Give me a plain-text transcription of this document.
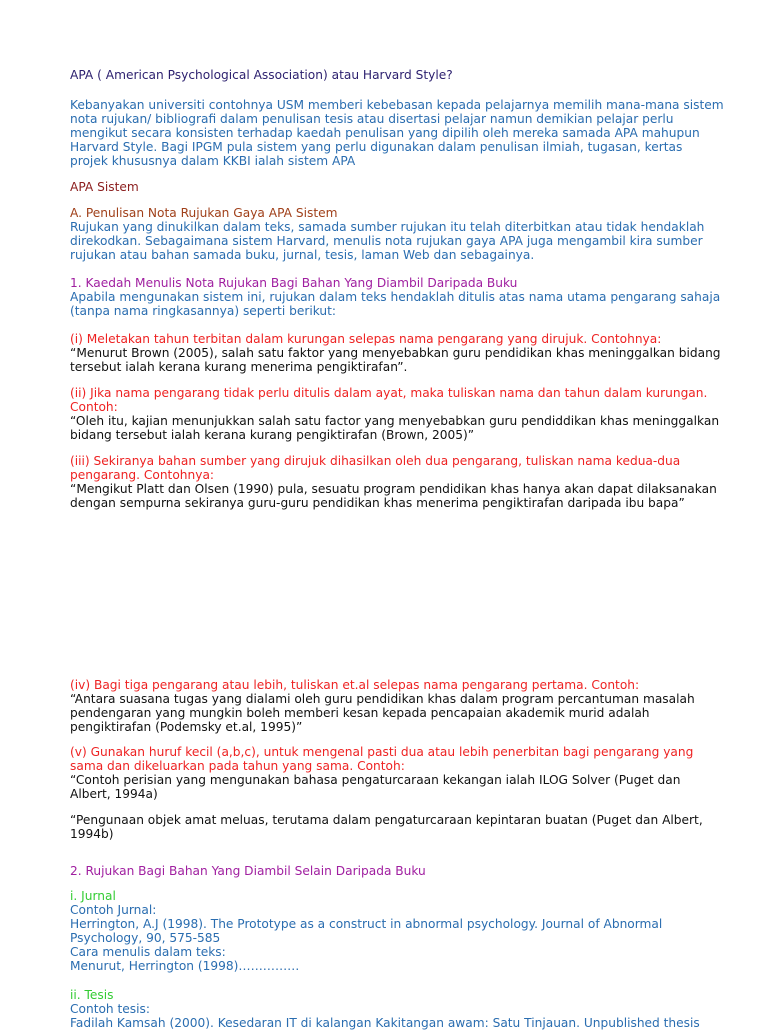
APA ( American Psychological Association) atau Harvard Style?
Kebanyakan universiti contohnya USM memberi kebebasan kepada pelajarnya memilih mana-mana sistem
nota rujukan/ bibliografi dalam penulisan tesis atau disertasi pelajar namun demikian pelajar perlu
mengikut secara konsisten terhadap kaedah penulisan yang dipilih oleh mereka samada APA mahupun
Harvard Style. Bagi IPGM pula sistem yang perlu digunakan dalam penulisan ilmiah, tugasan, kertas
projek khususnya dalam KKBI ialah sistem APA
APA Sistem
A. Penulisan Nota Rujukan Gaya APA Sistem
Rujukan yang dinukilkan dalam teks, samada sumber rujukan itu telah diterbitkan atau tidak hendaklah
direkodkan. Sebagaimana sistem Harvard, menulis nota rujukan gaya APA juga mengambil kira sumber
rujukan atau bahan samada buku, jurnal, tesis, laman Web dan sebagainya.
1. Kaedah Menulis Nota Rujukan Bagi Bahan Yang Diambil Daripada Buku
Apabila mengunakan sistem ini, rujukan dalam teks hendaklah ditulis atas nama utama pengarang sahaja
(tanpa nama ringkasannya) seperti berikut:
(i) Meletakan tahun terbitan dalam kurungan selepas nama pengarang yang dirujuk. Contohnya:
“Menurut Brown (2005), salah satu faktor yang menyebabkan guru pendidikan khas meninggalkan bidang
tersebut ialah kerana kurang menerima pengiktirafan”.
(ii) Jika nama pengarang tidak perlu ditulis dalam ayat, maka tuliskan nama dan tahun dalam kurungan.
Contoh:
“Oleh itu, kajian menunjukkan salah satu factor yang menyebabkan guru pendiddikan khas meninggalkan
bidang tersebut ialah kerana kurang pengiktirafan (Brown, 2005)”
(iii) Sekiranya bahan sumber yang dirujuk dihasilkan oleh dua pengarang, tuliskan nama kedua-dua
pengarang. Contohnya:
“Mengikut Platt dan Olsen (1990) pula, sesuatu program pendidikan khas hanya akan dapat dilaksanakan
dengan sempurna sekiranya guru-guru pendidikan khas menerima pengiktirafan daripada ibu bapa”
(iv) Bagi tiga pengarang atau lebih, tuliskan et.al selepas nama pengarang pertama. Contoh:
“Antara suasana tugas yang dialami oleh guru pendidikan khas dalam program percantuman masalah
pendengaran yang mungkin boleh memberi kesan kepada pencapaian akademik murid adalah
pengiktirafan (Podemsky et.al, 1995)”
(v) Gunakan huruf kecil (a,b,c), untuk mengenal pasti dua atau lebih penerbitan bagi pengarang yang
sama dan dikeluarkan pada tahun yang sama. Contoh:
“Contoh perisian yang mengunakan bahasa pengaturcaraan kekangan ialah ILOG Solver (Puget dan
Albert, 1994a)
“Pengunaan objek amat meluas, terutama dalam pengaturcaraan kepintaran buatan (Puget dan Albert,
1994b)
2. Rujukan Bagi Bahan Yang Diambil Selain Daripada Buku
i. Jurnal
Contoh Jurnal:
Herrington, A.J (1998). The Prototype as a construct in abnormal psychology. Journal of Abnormal
Psychology, 90, 575-585
Cara menulis dalam teks:
Menurut, Herrington (1998)……………
ii. Tesis
Contoh tesis:
Fadilah Kamsah (2000). Kesedaran IT di kalangan Kakitangan awam: Satu Tinjauan. Unpublished thesis
